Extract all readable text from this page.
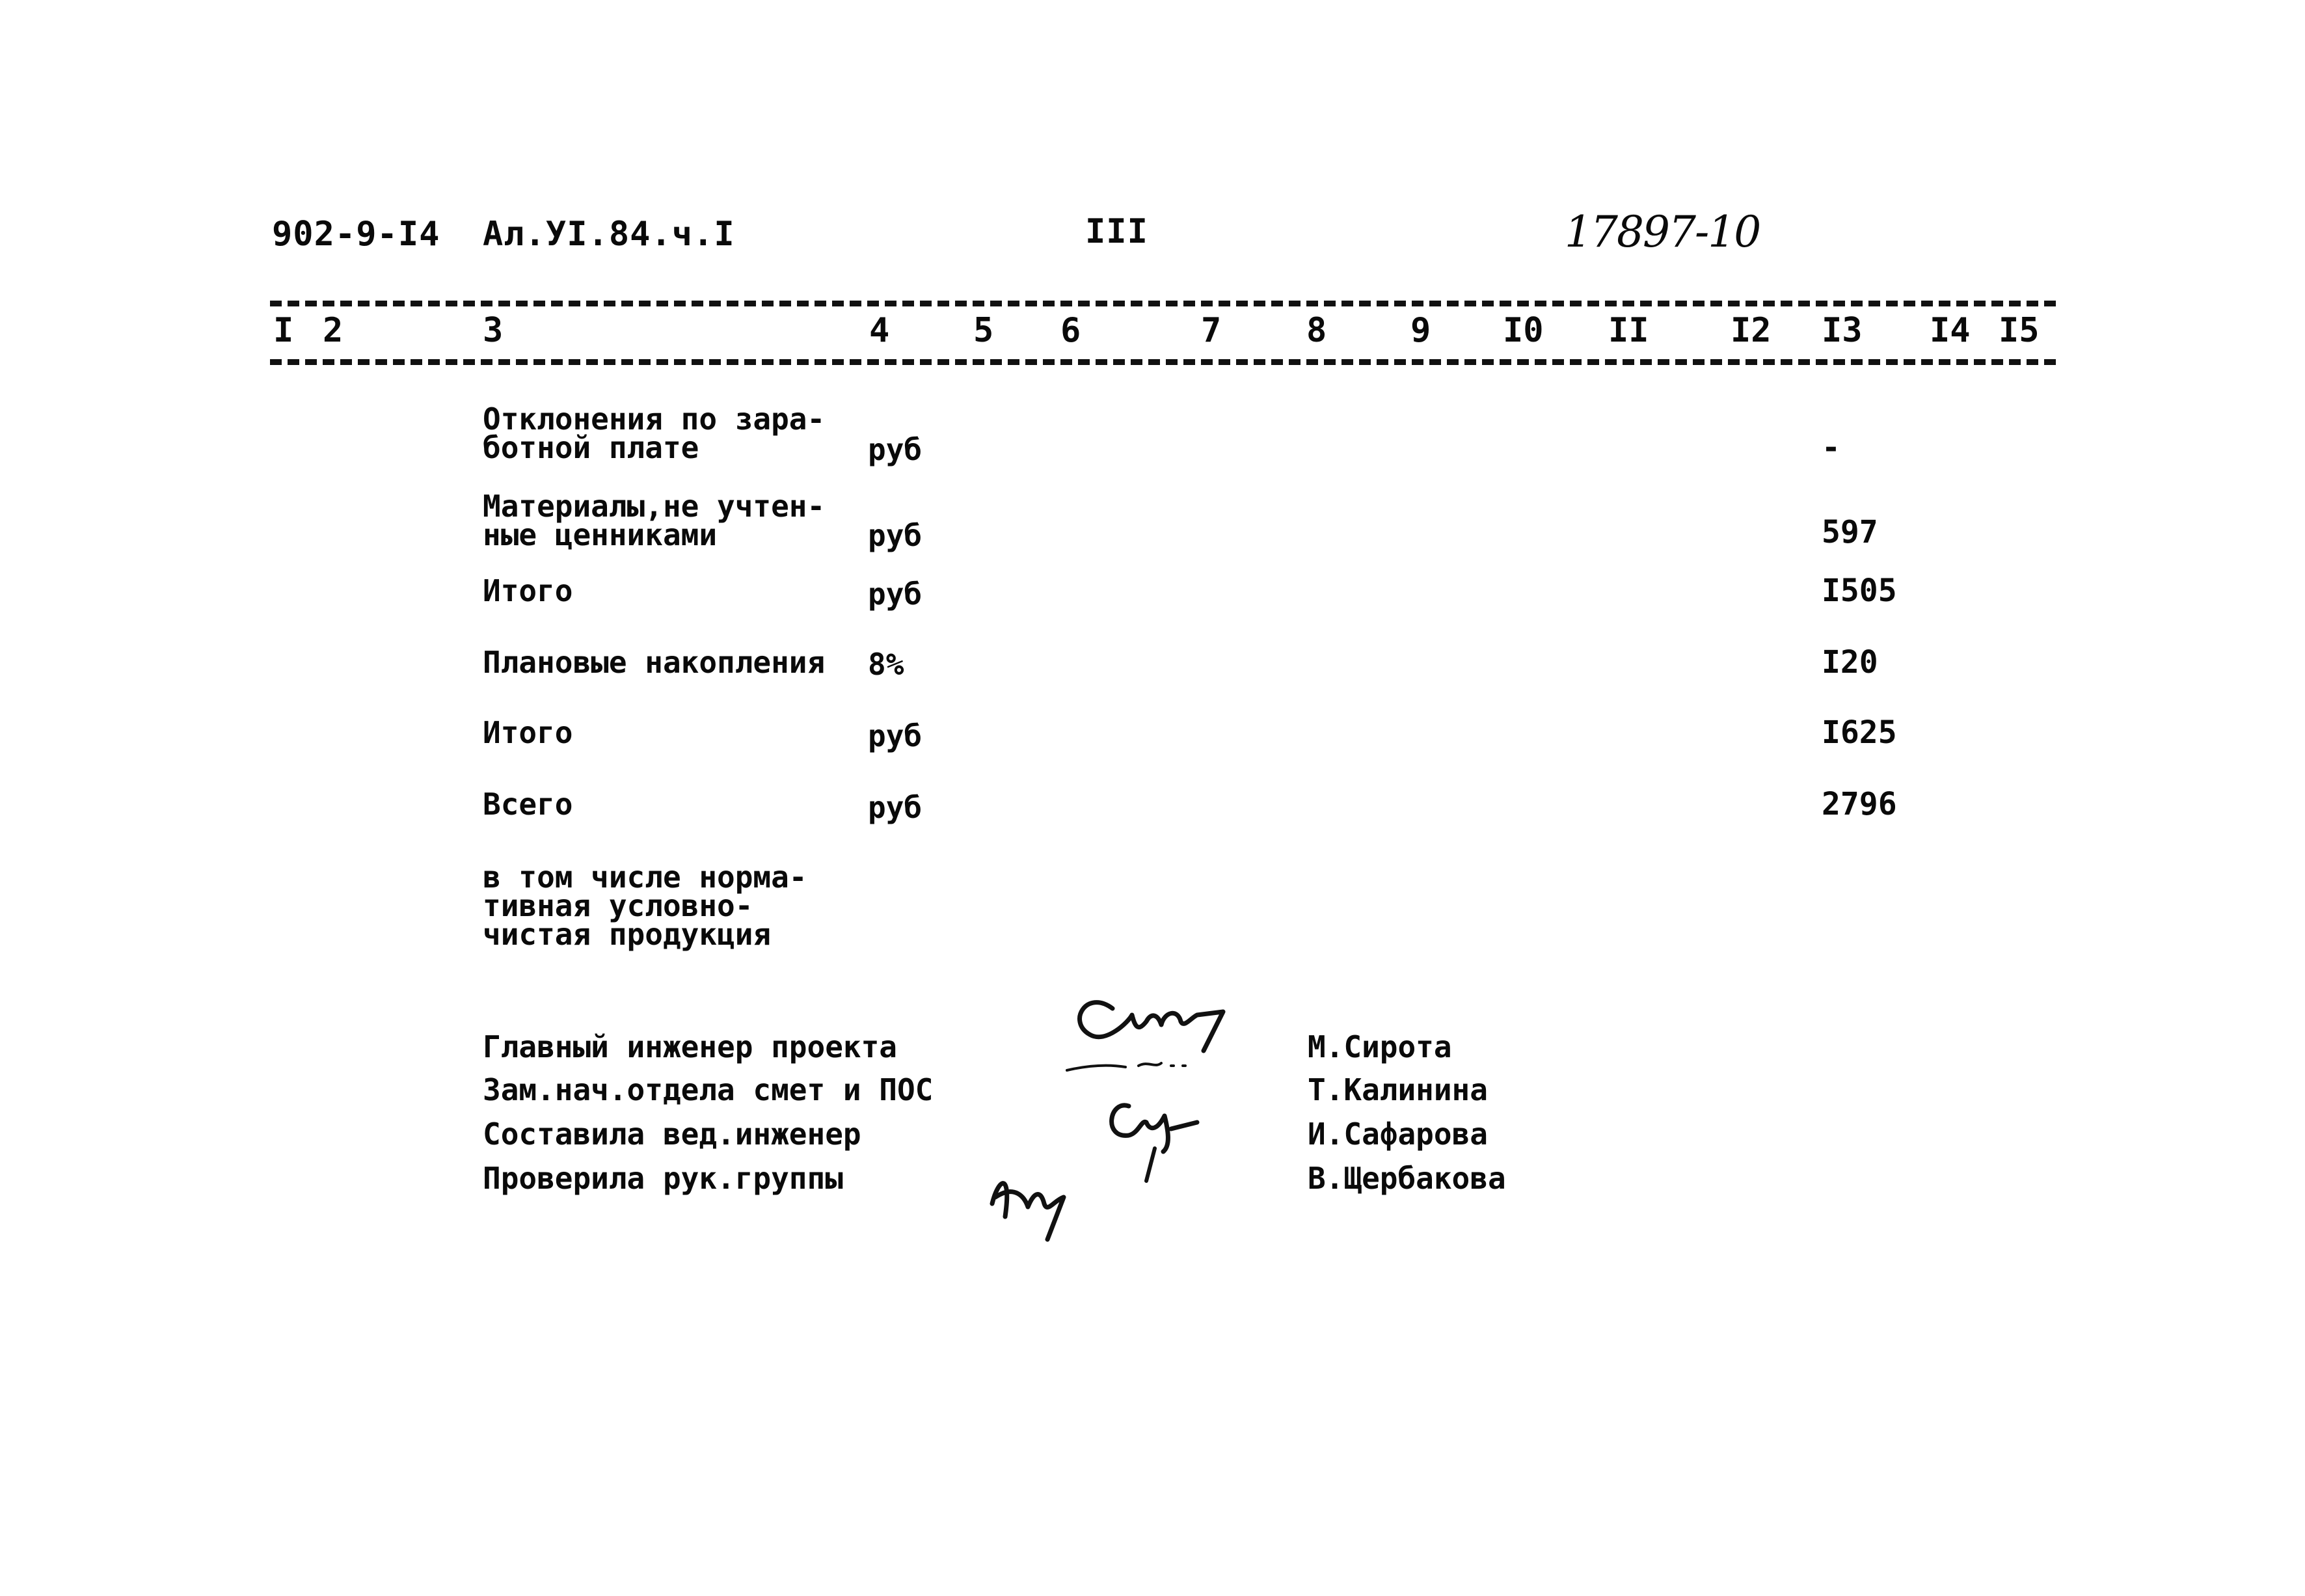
902-9-I4 Ал.УI.84.ч.I	III	17897-10
I 2	3	4 5 6	7	8 9 I0 II I2 I3 I4 I5
Отклонения по зара-
ботной плате	руб	-
Материалы,не учтен-
ные ценниками	руб	597
Итого	руб	I505
Плановые накопления 8%	I20
Итого	руб	I625
Всего	руб	2796
в том числе норма-
тивная условно-
чистая продукция
Главный инженер проекта	М.Сирота
Зам.нач.отдела смет и ПОС	Т.Калинина
Составила вед.инженер	И.Сафарова
Проверила рук.группы	В.Щербакова
